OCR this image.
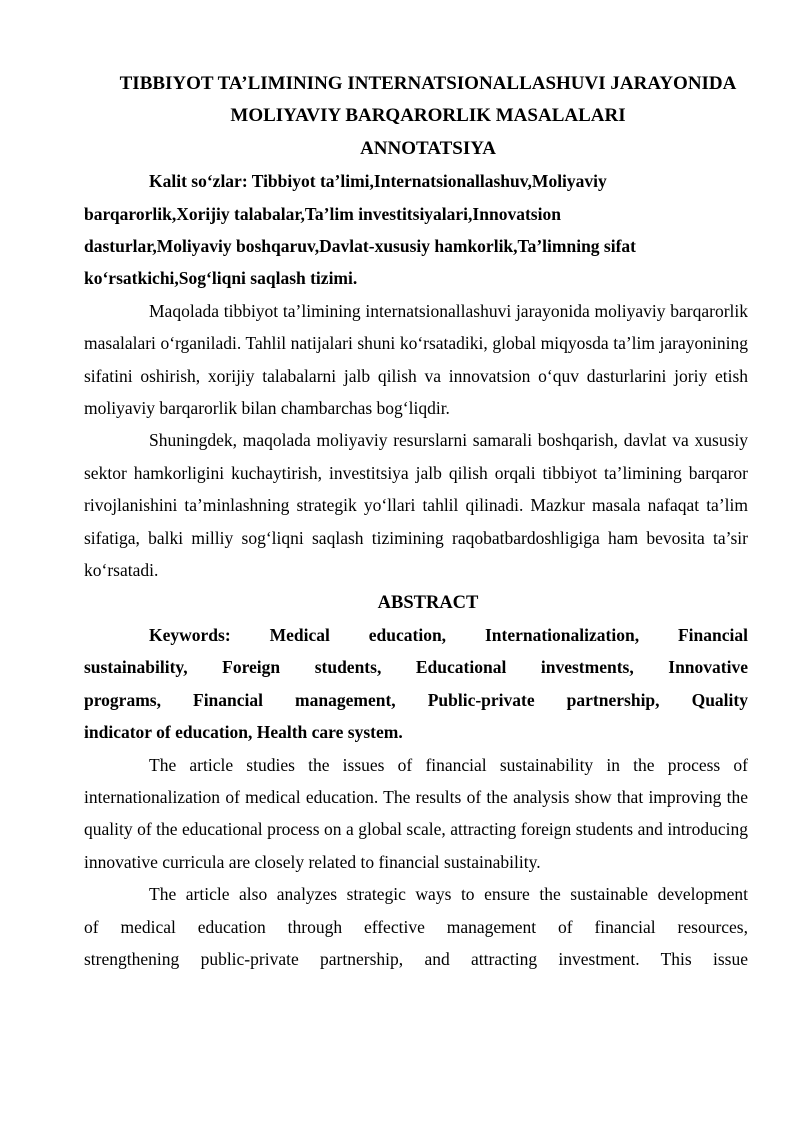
TIBBIYOT TA’LIMINING INTERNATSIONALLASHUVI JARAYONIDA
MOLIYAVIY BARQARORLIK MASALALARI
ANNOTATSIYA
Kalit so‘zlar: Tibbiyot ta’limi,Internatsionallashuv,Moliyaviy
barqarorlik,Xorijiy talabalar,Ta’lim investitsiyalari,Innovatsion
dasturlar,Moliyaviy boshqaruv,Davlat-xususiy hamkorlik,Ta’limning sifat
ko‘rsatkichi,Sog‘liqni saqlash tizimi.

Maqolada tibbiyot ta’limining internatsionallashuvi jarayonida moliyaviy barqarorlik masalalari o‘rganiladi. Tahlil natijalari shuni ko‘rsatadiki, global miqyosda ta’lim jarayonining sifatini oshirish, xorijiy talabalarni jalb qilish va innovatsion o‘quv dasturlarini joriy etish moliyaviy barqarorlik bilan chambarchas bog‘liqdir.

Shuningdek, maqolada moliyaviy resurslarni samarali boshqarish, davlat va xususiy sektor hamkorligini kuchaytirish, investitsiya jalb qilish orqali tibbiyot ta’limining barqaror rivojlanishini ta’minlashning strategik yo‘llari tahlil qilinadi. Mazkur masala nafaqat ta’lim sifatiga, balki milliy sog‘liqni saqlash tizimining raqobatbardoshligiga ham bevosita ta’sir ko‘rsatadi.

ABSTRACT
Keywords: Medical education, Internationalization, Financial
sustainability, Foreign students, Educational investments, Innovative
programs, Financial management, Public-private partnership, Quality
indicator of education, Health care system.

The article studies the issues of financial sustainability in the process of internationalization of medical education. The results of the analysis show that improving the quality of the educational process on a global scale, attracting foreign students and introducing innovative curricula are closely related to financial sustainability.

The article also analyzes strategic ways to ensure the sustainable development
of medical education through effective management of financial resources,
strengthening public-private partnership, and attracting investment. This issue
